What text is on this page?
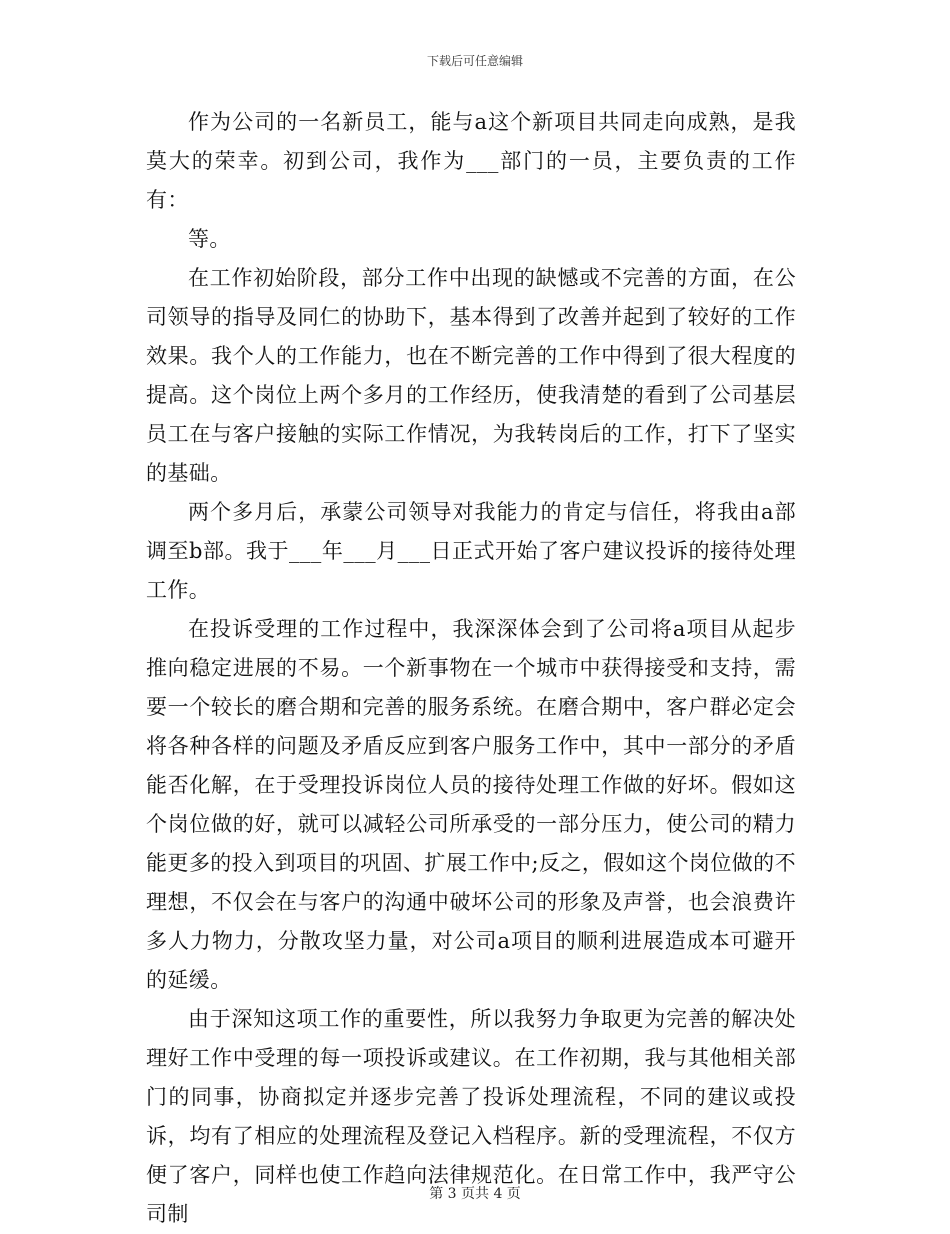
下载后可任意编辑

作为公司的一名新员工，能与a这个新项目共同走向成熟，是我莫大的荣幸。初到公司，我作为___部门的一员，主要负责的工作有：

等。

在工作初始阶段，部分工作中出现的缺憾或不完善的方面，在公司领导的指导及同仁的协助下，基本得到了改善并起到了较好的工作效果。我个人的工作能力，也在不断完善的工作中得到了很大程度的提高。这个岗位上两个多月的工作经历，使我清楚的看到了公司基层员工在与客户接触的实际工作情况，为我转岗后的工作，打下了坚实的基础。

两个多月后，承蒙公司领导对我能力的肯定与信任，将我由a部调至b部。我于___年___月___日正式开始了客户建议投诉的接待处理工作。

在投诉受理的工作过程中，我深深体会到了公司将a项目从起步推向稳定进展的不易。一个新事物在一个城市中获得接受和支持，需要一个较长的磨合期和完善的服务系统。在磨合期中，客户群必定会将各种各样的问题及矛盾反应到客户服务工作中，其中一部分的矛盾能否化解，在于受理投诉岗位人员的接待处理工作做的好坏。假如这个岗位做的好，就可以减轻公司所承受的一部分压力，使公司的精力能更多的投入到项目的巩固、扩展工作中;反之，假如这个岗位做的不理想，不仅会在与客户的沟通中破坏公司的形象及声誉，也会浪费许多人力物力，分散攻坚力量，对公司a项目的顺利进展造成本可避开的延缓。

由于深知这项工作的重要性，所以我努力争取更为完善的解决处理好工作中受理的每一项投诉或建议。在工作初期，我与其他相关部门的同事，协商拟定并逐步完善了投诉处理流程，不同的建议或投诉，均有了相应的处理流程及登记入档程序。新的受理流程，不仅方便了客户，同样也使工作趋向法律规范化。在日常工作中，我严守公司制

第 3 页共 4 页
